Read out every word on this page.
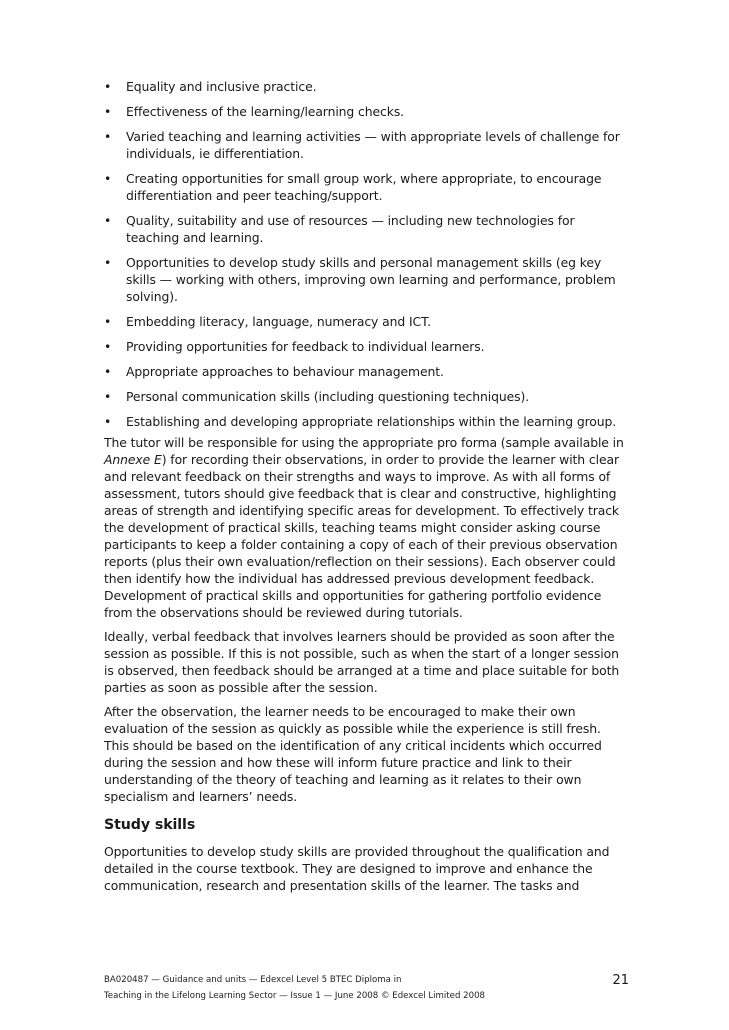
• Equality and inclusive practice.
• Effectiveness of the learning/learning checks.
• Varied teaching and learning activities — with appropriate levels of challenge for individuals, ie differentiation.
• Creating opportunities for small group work, where appropriate, to encourage differentiation and peer teaching/support.
• Quality, suitability and use of resources — including new technologies for teaching and learning.
• Opportunities to develop study skills and personal management skills (eg key skills — working with others, improving own learning and performance, problem solving).
• Embedding literacy, language, numeracy and ICT.
• Providing opportunities for feedback to individual learners.
• Appropriate approaches to behaviour management.
• Personal communication skills (including questioning techniques).
• Establishing and developing appropriate relationships within the learning group.

The tutor will be responsible for using the appropriate pro forma (sample available in Annexe E) for recording their observations, in order to provide the learner with clear and relevant feedback on their strengths and ways to improve. As with all forms of assessment, tutors should give feedback that is clear and constructive, highlighting areas of strength and identifying specific areas for development. To effectively track the development of practical skills, teaching teams might consider asking course participants to keep a folder containing a copy of each of their previous observation reports (plus their own evaluation/reflection on their sessions). Each observer could then identify how the individual has addressed previous development feedback. Development of practical skills and opportunities for gathering portfolio evidence from the observations should be reviewed during tutorials.

Ideally, verbal feedback that involves learners should be provided as soon after the session as possible. If this is not possible, such as when the start of a longer session is observed, then feedback should be arranged at a time and place suitable for both parties as soon as possible after the session.

After the observation, the learner needs to be encouraged to make their own evaluation of the session as quickly as possible while the experience is still fresh. This should be based on the identification of any critical incidents which occurred during the session and how these will inform future practice and link to their understanding of the theory of teaching and learning as it relates to their own specialism and learners’ needs.

Study skills

Opportunities to develop study skills are provided throughout the qualification and detailed in the course textbook. They are designed to improve and enhance the communication, research and presentation skills of the learner. The tasks and

BA020487 — Guidance and units — Edexcel Level 5 BTEC Diploma in
Teaching in the Lifelong Learning Sector — Issue 1 — June 2008 © Edexcel Limited 2008
21
